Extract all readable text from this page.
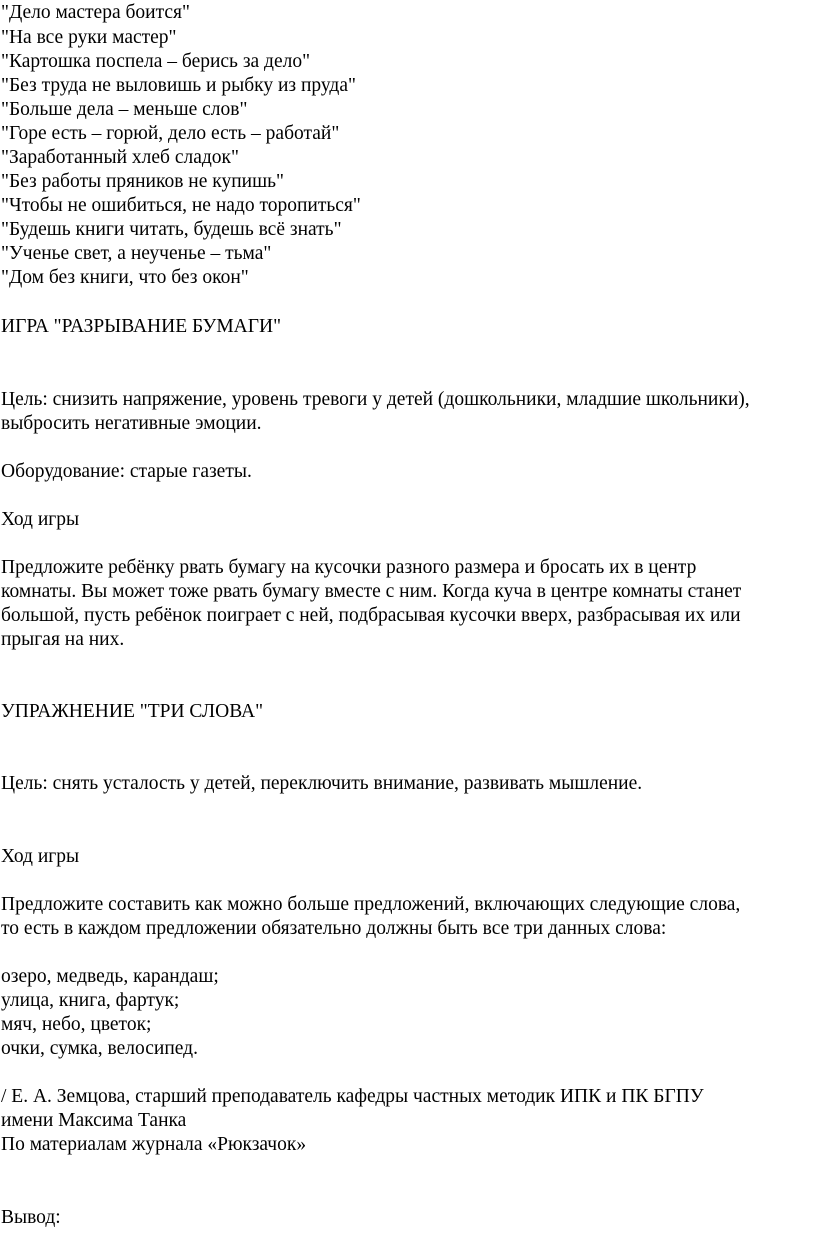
"Дело мастера боится"
"На все руки мастер"
"Картошка поспела – берись за дело"
"Без труда не выловишь и рыбку из пруда"
"Больше дела – меньше слов"
"Горе есть – горюй, дело есть – работай"
"Заработанный хлеб сладок"
"Без работы пряников не купишь"
"Чтобы не ошибиться, не надо торопиться"
"Будешь книги читать, будешь всё знать"
"Ученье свет, а неученье – тьма"
"Дом без книги, что без окон"
ИГРА "РАЗРЫВАНИЕ БУМАГИ"
Цель: снизить напряжение, уровень тревоги у детей (дошкольники, младшие школьники),
выбросить негативные эмоции.
Оборудование: старые газеты.
Ход игры
Предложите ребёнку рвать бумагу на кусочки разного размера и бросать их в центр
комнаты. Вы может тоже рвать бумагу вместе с ним. Когда куча в центре комнаты станет
большой, пусть ребёнок поиграет с ней, подбрасывая кусочки вверх, разбрасывая их или
прыгая на них.
УПРАЖНЕНИЕ "ТРИ СЛОВА"
Цель: снять усталость у детей, переключить внимание, развивать мышление.
Ход игры
Предложите составить как можно больше предложений, включающих следующие слова,
то есть в каждом предложении обязательно должны быть все три данных слова:
озеро, медведь, карандаш;
улица, книга, фартук;
мяч, небо, цветок;
очки, сумка, велосипед.
/ Е. А. Земцова, старший преподаватель кафедры частных методик ИПК и ПК БГПУ
имени Максима Танка
По материалам журнала «Рюкзачок»
Вывод:
